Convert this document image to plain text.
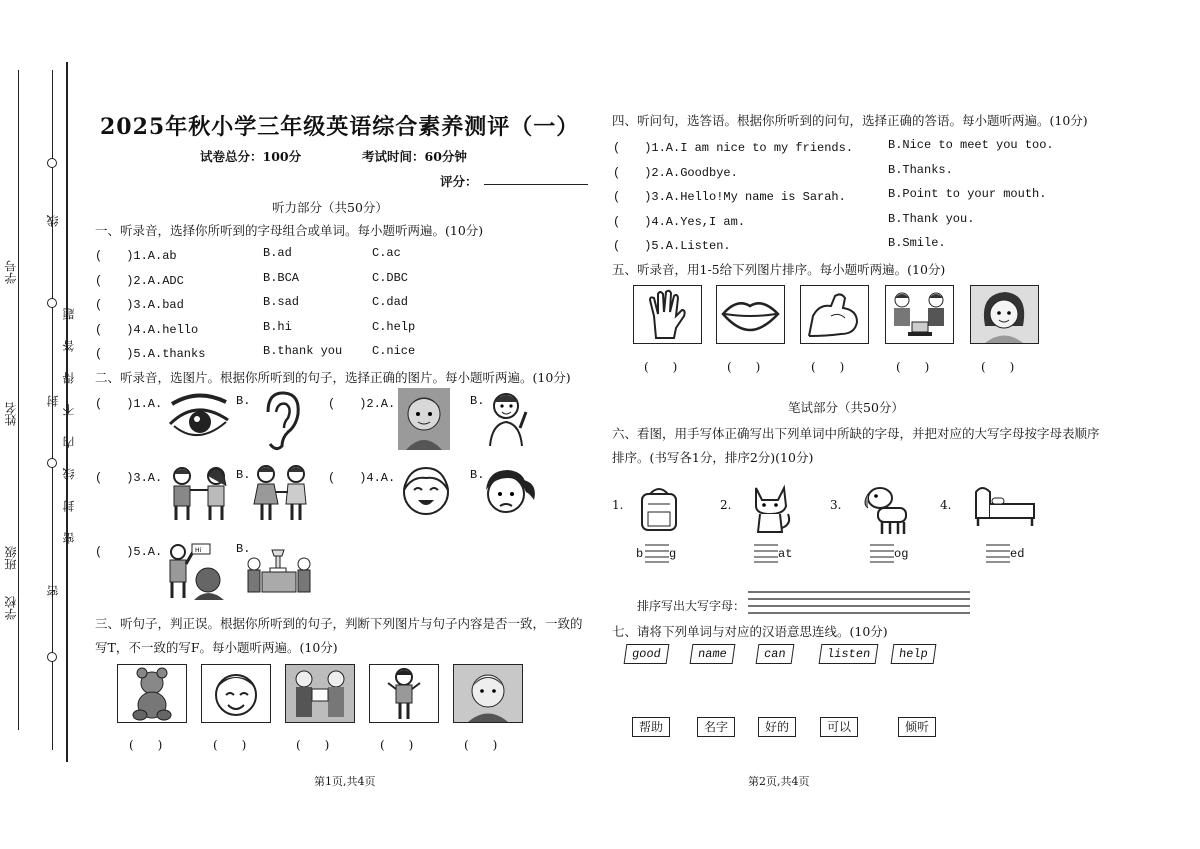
密
封
线
内
不
得
答
题
线
封
密
学号
姓名
学校
班级
2025年秋小学三年级英语综合素养测评（一）
试卷总分：100分	考试时间：60分钟
评分：
听力部分（共50分）
一、听录音，选择你所听到的字母组合或单词。每小题听两遍。(10分)
(　　)1.A.ab	B.ad	C.ac
(　　)2.A.ADC	B.BCA	C.DBC
(　　)3.A.bad	B.sad	C.dad
(　　)4.A.hello	B.hi	C.help
(　　)5.A.thanks	B.thank you C.nice
二、听录音，选图片。根据你所听到的句子，选择正确的图片。每小题听两遍。(10分)
(　　)1.A.	B.	(　　)2.A.	B.
(　　)3.A.	B.	(　　)4.A.	B.
(　　)5.A.	B.
Hi
三、听句子，判正误。根据你所听到的句子，判断下列图片与句子内容是否一致，一致的
写T，不一致的写F。每小题听两遍。(10分)
(　　)	(　　)	(　　)	(　　)	(　　)
第1页,共4页
四、听问句，选答语。根据你所听到的问句，选择正确的答语。每小题听两遍。(10分)
(　　)1.A.I am nice to my friends.	B.Nice to meet you too.
(　　)2.A.Goodbye.	B.Thanks.
(　　)3.A.Hello!My name is Sarah.	B.Point to your mouth.
(　　)4.A.Yes,I am.	B.Thank you.
(　　)5.A.Listen.	B.Smile.
五、听录音，用1-5给下列图片排序。每小题听两遍。(10分)
(　　)	(　　)	(　　)	(　　)	(　　)
笔试部分（共50分）
六、看图，用手写体正确写出下列单词中所缺的字母，并把对应的大写字母按字母表顺序
排序。(书写各1分，排序2分)(10分)
1.
b g
2.
at
3.
og
4.
ed
排序写出大写字母：
七、请将下列单词与对应的汉语意思连线。(10分)
good	name	can	listen	help
帮助	名字	好的	可以	倾听
第2页,共4页
